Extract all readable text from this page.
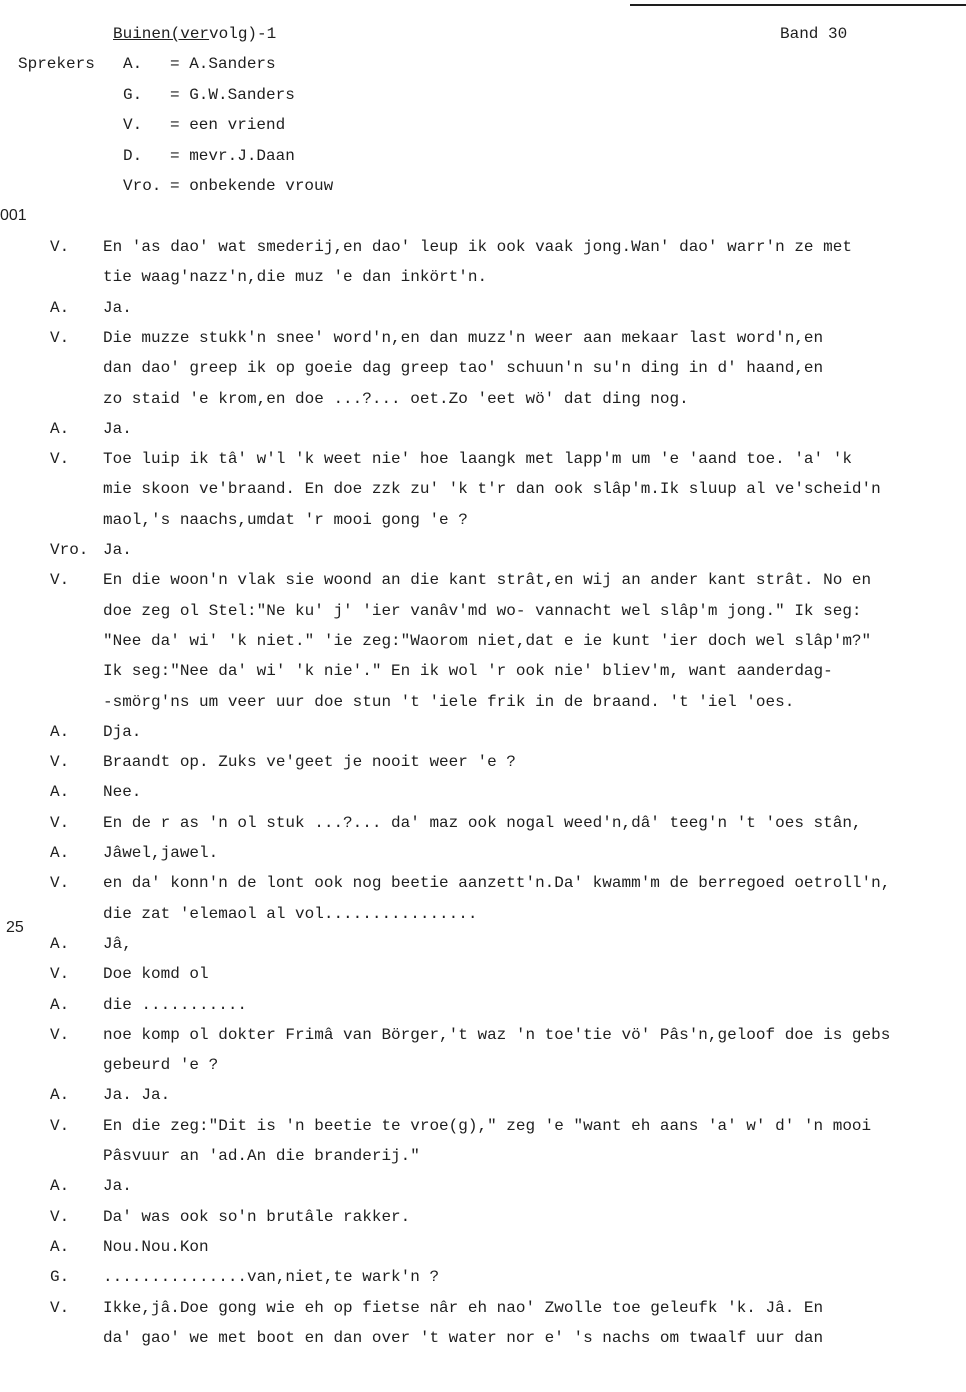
Buinen(vervolg)-1	Band 30
Sprekers A. = A.Sanders
G. = G.W.Sanders
V. = een vriend
D. = mevr.J.Daan
Vro. = onbekende vrouw
001
25
V. En 'as dao' wat smederij,en dao' leup ik ook vaak jong.Wan' dao' warr'n ze met
tie waag'nazz'n,die muz 'e dan inkört'n.
A. Ja.
V. Die muzze stukk'n snee' word'n,en dan muzz'n weer aan mekaar last word'n,en
dan dao' greep ik op goeie dag greep tao' schuun'n su'n ding in d' haand,en
zo staid 'e krom,en doe ...?... oet.Zo 'eet wö' dat ding nog.
A. Ja.
V. Toe luip ik tâ' w'l 'k weet nie' hoe laangk met lapp'm um 'e 'aand toe. 'a' 'k
mie skoon ve'braand. En doe zzk zu' 'k t'r dan ook slâp'm.Ik sluup al ve'scheid'n
maol,'s naachs,umdat 'r mooi gong 'e ?
Vro. Ja.
V. En die woon'n vlak sie woond an die kant strât,en wij an ander kant strât. No en
doe zeg ol Stel:"Ne ku' j' 'ier vanâv'md wo- vannacht wel slâp'm jong." Ik seg:
"Nee da' wi' 'k niet." 'ie zeg:"Waorom niet,dat e ie kunt 'ier doch wel slâp'm?"
Ik seg:"Nee da' wi' 'k nie'." En ik wol 'r ook nie' bliev'm, want aanderdag-
-smörg'ns um veer uur doe stun 't 'iele frik in de braand. 't 'iel 'oes.
A. Dja.
V. Braandt op. Zuks ve'geet je nooit weer 'e ?
A. Nee.
V. En de r as 'n ol stuk ...?... da' maz ook nogal weed'n,dâ' teeg'n 't 'oes stân,
A. Jâwel,jawel.
V. en da' konn'n de lont ook nog beetie aanzett'n.Da' kwamm'm de berregoed oetroll'n,
die zat 'elemaol al vol................
A. Jâ,
V. Doe komd ol
A. die ...........
V. noe komp ol dokter Frimâ van Börger,'t waz 'n toe'tie vö' Pâs'n,geloof doe is gebs
gebeurd 'e ?
A. Ja. Ja.
V. En die zeg:"Dit is 'n beetie te vroe(g)," zeg 'e "want eh aans 'a' w' d' 'n mooi
Pâsvuur an 'ad.An die branderij."
A. Ja.
V. Da' was ook so'n brutâle rakker.
A. Nou.Nou.Kon
G. ...............van,niet,te wark'n ?
V. Ikke,jâ.Doe gong wie eh op fietse nâr eh nao' Zwolle toe geleufk 'k. Jâ. En
da' gao' we met boot en dan over 't water nor e' 's nachs om twaalf uur dan
